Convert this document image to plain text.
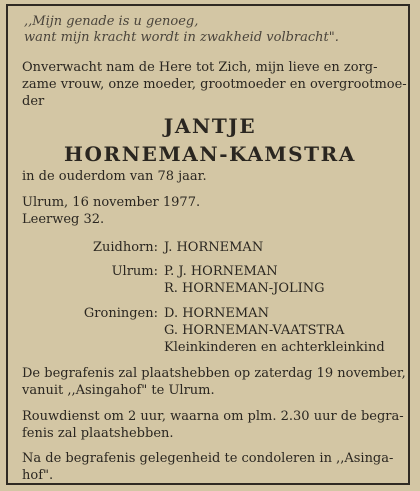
,,Mijn genade is u genoeg,
want mijn kracht wordt in zwakheid volbracht".
Onverwacht nam de Here tot Zich, mijn lieve en zorg-
zame vrouw, onze moeder, grootmoeder en overgrootmoe-
der
JANTJE
HORNEMAN-KAMSTRA
in de ouderdom van 78 jaar.
Ulrum, 16 november 1977.
Leerweg 32.
Zuidhorn: J. HORNEMAN
Ulrum: P. J. HORNEMAN
R. HORNEMAN-JOLING
Groningen: D. HORNEMAN
G. HORNEMAN-VAATSTRA
Kleinkinderen en achterkleinkind
De begrafenis zal plaatshebben op zaterdag 19 november,
vanuit ,,Asingahof" te Ulrum.
Rouwdienst om 2 uur, waarna om plm. 2.30 uur de begra-
fenis zal plaatshebben.
Na de begrafenis gelegenheid te condoleren in ,,Asinga-
hof".
